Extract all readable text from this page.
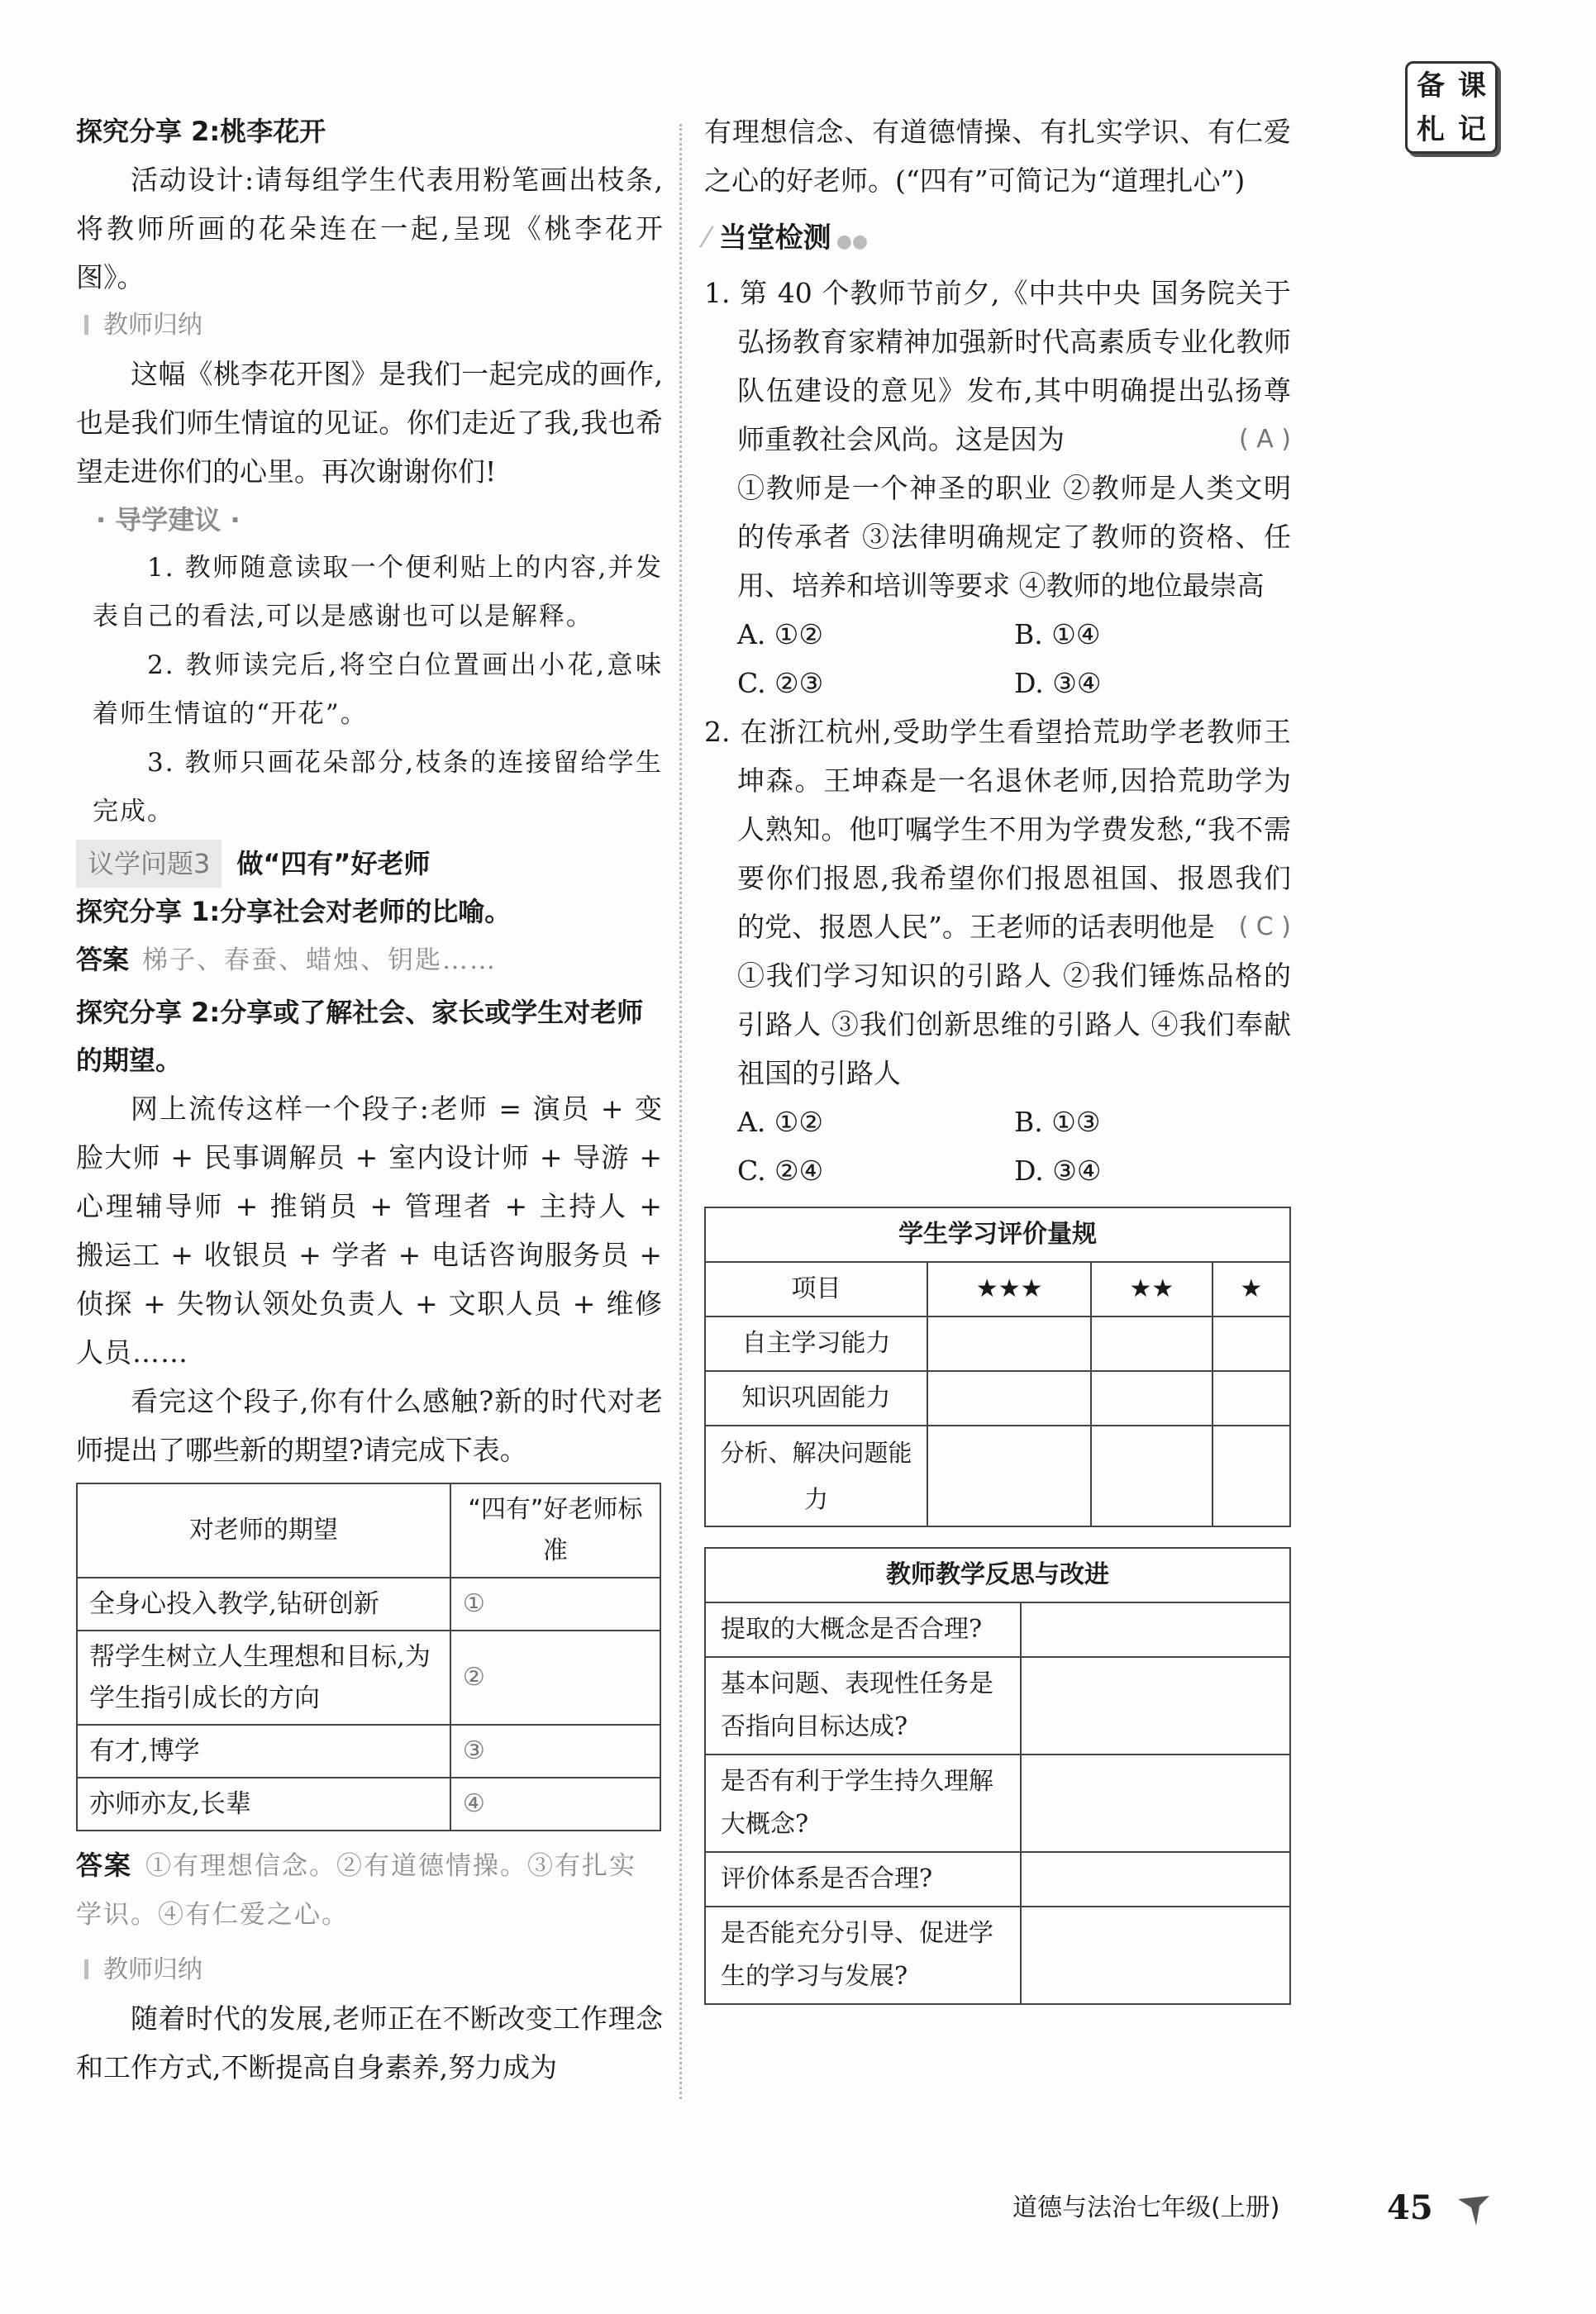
备 课
札 记
探究分享 2:桃李花开
活动设计:请每组学生代表用粉笔画出枝条,将教师所画的花朵连在一起,呈现《桃李花开图》。
教师归纳
这幅《桃李花开图》是我们一起完成的画作,也是我们师生情谊的见证。你们走近了我,我也希望走进你们的心里。再次谢谢你们!
· 导学建议 ·
1. 教师随意读取一个便利贴上的内容,并发表自己的看法,可以是感谢也可以是解释。
2. 教师读完后,将空白位置画出小花,意味着师生情谊的“开花”。
3. 教师只画花朵部分,枝条的连接留给学生完成。
议学问题3 做“四有”好老师
探究分享 1:分享社会对老师的比喻。
答案 梯子、春蚕、蜡烛、钥匙……
探究分享 2:分享或了解社会、家长或学生对老师的期望。
网上流传这样一个段子:老师 = 演员 + 变脸大师 + 民事调解员 + 室内设计师 + 导游 + 心理辅导师 + 推销员 + 管理者 + 主持人 + 搬运工 + 收银员 + 学者 + 电话咨询服务员 + 侦探 + 失物认领处负责人 + 文职人员 + 维修人员……
看完这个段子,你有什么感触?新的时代对老师提出了哪些新的期望?请完成下表。
对老师的期望	“四有”好老师标准
全身心投入教学,钻研创新	①
帮学生树立人生理想和目标,为学生指引成长的方向	②
有才,博学	③
亦师亦友,长辈	④
答案 ①有理想信念。②有道德情操。③有扎实学识。④有仁爱之心。
教师归纳
随着时代的发展,老师正在不断改变工作理念和工作方式,不断提高自身素养,努力成为
有理想信念、有道德情操、有扎实学识、有仁爱之心的好老师。(“四有”可简记为“道理扎心”)
⁄ 当堂检测 ●●
1. 第 40 个教师节前夕,《中共中央 国务院关于弘扬教育家精神加强新时代高素质专业化教师队伍建设的意见》发布,其中明确提出弘扬尊师重教社会风尚。这是因为	( A )
①教师是一个神圣的职业 ②教师是人类文明的传承者 ③法律明确规定了教师的资格、任用、培养和培训等要求 ④教师的地位最崇高
A. ①②	B. ①④
C. ②③	D. ③④
2. 在浙江杭州,受助学生看望拾荒助学老教师王坤森。王坤森是一名退休老师,因拾荒助学为人熟知。他叮嘱学生不用为学费发愁,“我不需要你们报恩,我希望你们报恩祖国、报恩我们的党、报恩人民”。王老师的话表明他是 ( C )
①我们学习知识的引路人 ②我们锤炼品格的引路人 ③我们创新思维的引路人 ④我们奉献祖国的引路人
A. ①②	B. ①③
C. ②④	D. ③④
学生学习评价量规			
项目	★★★	★★	★
自主学习能力			
知识巩固能力			
分析、解决问题能力			
教师教学反思与改进	
提取的大概念是否合理?	
基本问题、表现性任务是否指向目标达成?	
是否有利于学生持久理解大概念?	
评价体系是否合理?	
是否能充分引导、促进学生的学习与发展?	
道德与法治七年级(上册)	45
